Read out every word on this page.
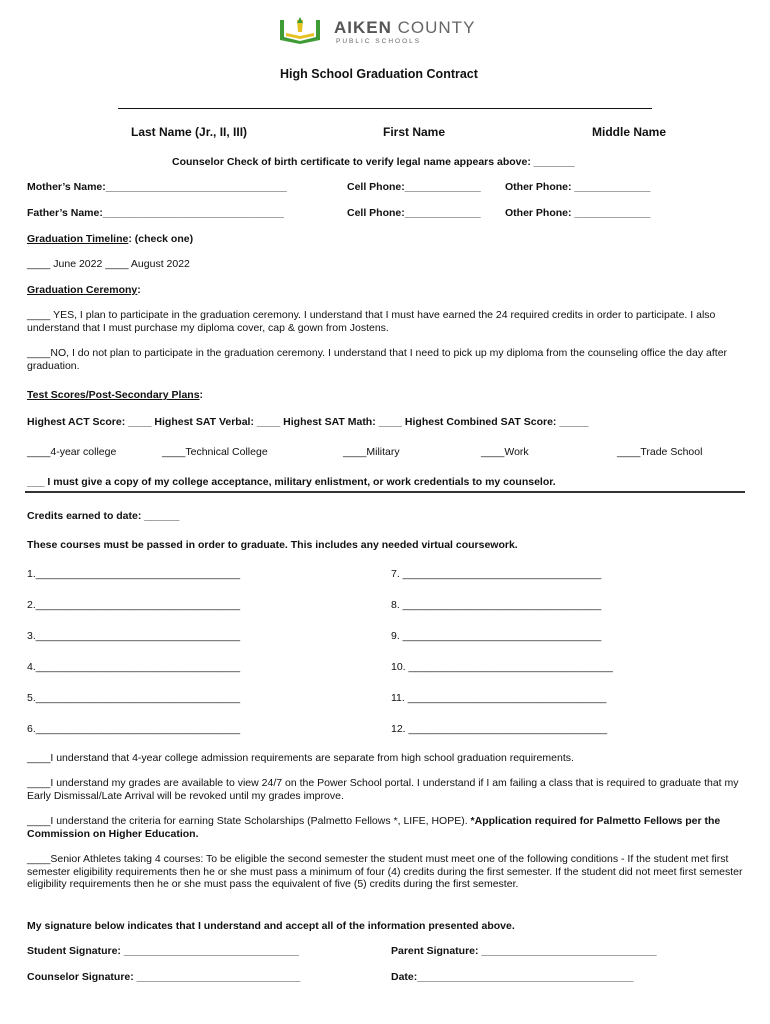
AIKEN COUNTY
PUBLIC SCHOOLS
High School Graduation Contract
Last Name (Jr., II, III)	First Name	Middle Name
Counselor Check of birth certificate to verify legal name appears above: _______
Mother’s Name:_______________________________	Cell Phone:_____________ Other Phone: _____________
Father’s Name:_______________________________	Cell Phone:_____________ Other Phone: _____________
Graduation Timeline: (check one)
____ June 2022 ____ August 2022
Graduation Ceremony:
____ YES, I plan to participate in the graduation ceremony. I understand that I must have earned the 24 required credits in order to participate. I also understand that I must purchase my diploma cover, cap & gown from Jostens.
____NO, I do not plan to participate in the graduation ceremony. I understand that I need to pick up my diploma from the counseling office the day after graduation.
Test Scores/Post-Secondary Plans:
Highest ACT Score: ____ Highest SAT Verbal: ____ Highest SAT Math: ____ Highest Combined SAT Score: _____
____4-year college	____Technical College	____Military	____Work	____Trade School
___ I must give a copy of my college acceptance, military enlistment, or work credentials to my counselor.
Credits earned to date: ______
These courses must be passed in order to graduate. This includes any needed virtual coursework.
1.___________________________________
2.___________________________________
3.___________________________________
4.___________________________________
5.___________________________________
6.___________________________________
7. __________________________________
8. __________________________________
9. __________________________________
10. ___________________________________
11. __________________________________
12. __________________________________
____I understand that 4-year college admission requirements are separate from high school graduation requirements.
____I understand my grades are available to view 24/7 on the Power School portal. I understand if I am failing a class that is required to graduate that my Early Dismissal/Late Arrival will be revoked until my grades improve.
____I understand the criteria for earning State Scholarships (Palmetto Fellows *, LIFE, HOPE). *Application required for Palmetto Fellows per the Commission on Higher Education.
____Senior Athletes taking 4 courses: To be eligible the second semester the student must meet one of the following conditions - If the student met first semester eligibility requirements then he or she must pass a minimum of four (4) credits during the first semester. If the student did not meet first semester eligibility requirements then he or she must pass the equivalent of five (5) credits during the first semester.
My signature below indicates that I understand and accept all of the information presented above.
Student Signature: ______________________________	Parent Signature: ______________________________
Counselor Signature: ____________________________	Date:_____________________________________
